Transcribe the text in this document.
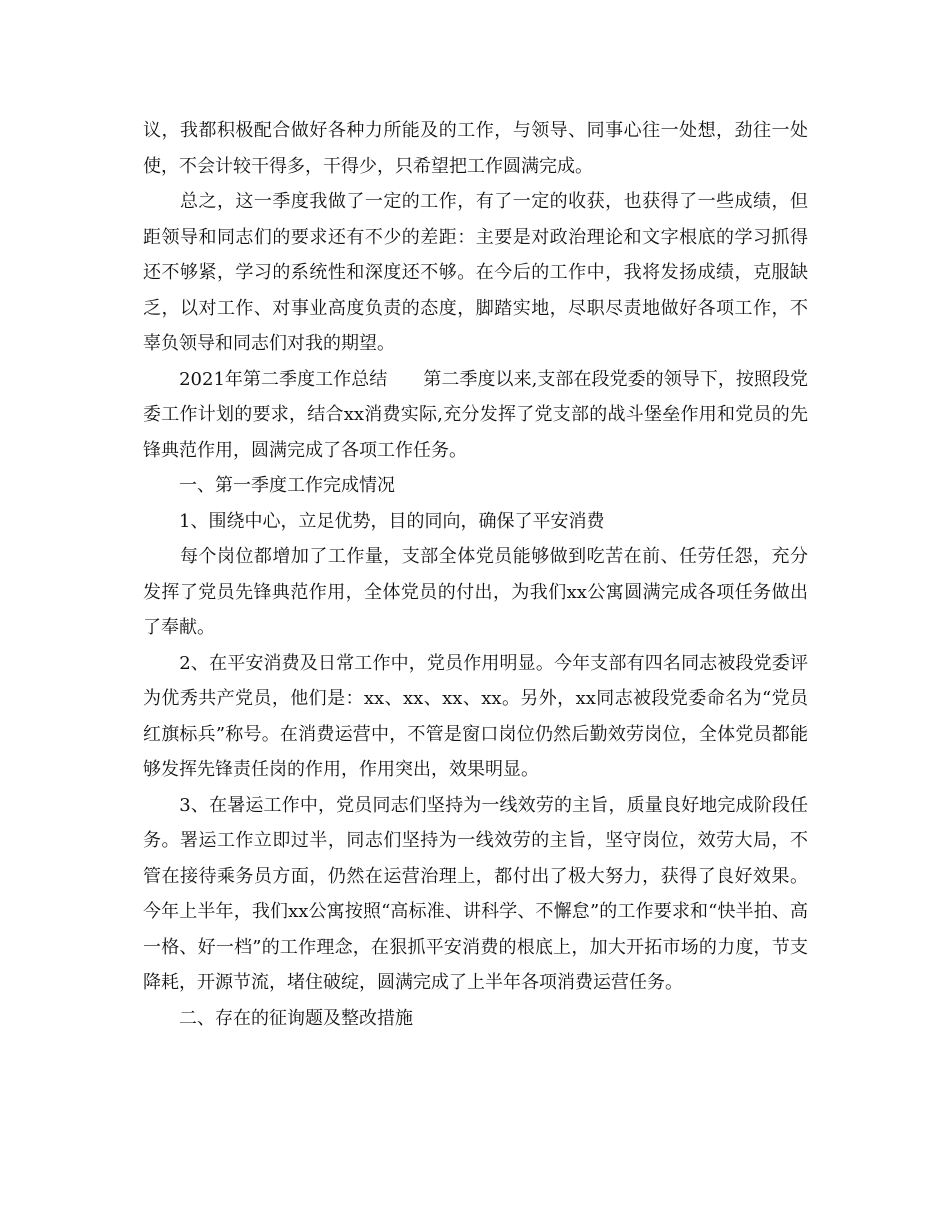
议，我都积极配合做好各种力所能及的工作，与领导、同事心往一处想，劲往一处使，不会计较干得多，干得少，只希望把工作圆满完成。

　　总之，这一季度我做了一定的工作，有了一定的收获，也获得了一些成绩，但距领导和同志们的要求还有不少的差距：主要是对政治理论和文字根底的学习抓得还不够紧，学习的系统性和深度还不够。在今后的工作中，我将发扬成绩，克服缺乏，以对工作、对事业高度负责的态度，脚踏实地，尽职尽责地做好各项工作，不辜负领导和同志们对我的期望。

　　2021年第二季度工作总结　　第二季度以来,支部在段党委的领导下，按照段党委工作计划的要求，结合xx消费实际,充分发挥了党支部的战斗堡垒作用和党员的先锋典范作用，圆满完成了各项工作任务。

　　一、第一季度工作完成情况

　　1、围绕中心，立足优势，目的同向，确保了平安消费

　　每个岗位都增加了工作量，支部全体党员能够做到吃苦在前、任劳任怨，充分发挥了党员先锋典范作用，全体党员的付出，为我们xx公寓圆满完成各项任务做出了奉献。

　　2、在平安消费及日常工作中，党员作用明显。今年支部有四名同志被段党委评为优秀共产党员，他们是：xx、xx、xx、xx。另外，xx同志被段党委命名为“党员红旗标兵”称号。在消费运营中，不管是窗口岗位仍然后勤效劳岗位，全体党员都能够发挥先锋责任岗的作用，作用突出，效果明显。

　　3、在暑运工作中，党员同志们坚持为一线效劳的主旨，质量良好地完成阶段任务。署运工作立即过半，同志们坚持为一线效劳的主旨，坚守岗位，效劳大局，不管在接待乘务员方面，仍然在运营治理上，都付出了极大努力，获得了良好效果。今年上半年，我们xx公寓按照“高标准、讲科学、不懈怠”的工作要求和“快半拍、高一格、好一档”的工作理念，在狠抓平安消费的根底上，加大开拓市场的力度，节支降耗，开源节流，堵住破绽，圆满完成了上半年各项消费运营任务。

　　二、存在的征询题及整改措施
